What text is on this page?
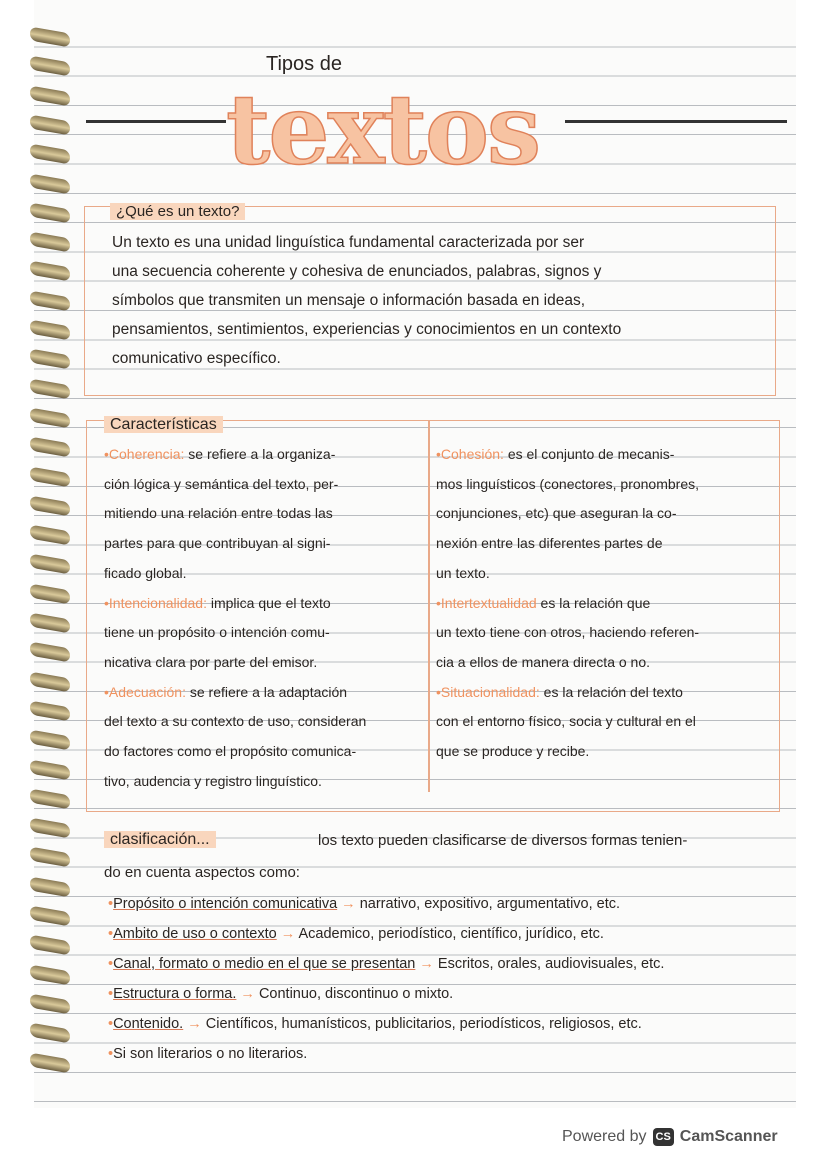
Tipos de
textos
¿Qué es un texto?
Un texto es una unidad linguística fundamental caracterizada por ser
una secuencia coherente y cohesiva de enunciados, palabras, signos y
símbolos que transmiten un mensaje o información basada en ideas,
pensamientos, sentimientos, experiencias y conocimientos en un contexto
comunicativo específico.
Características
•Coherencia: se refiere a la organiza-
ción lógica y semántica del texto, per-
mitiendo una relación entre todas las
partes para que contribuyan al signi-
ficado global.
•Intencionalidad: implica que el texto
tiene un propósito o intención comu-
nicativa clara por parte del emisor.
•Adecuación: se refiere a la adaptación
del texto a su contexto de uso, consideran
do factores como el propósito comunica-
tivo, audencia y registro linguístico.
•Cohesión: es el conjunto de mecanis-
mos linguísticos (conectores, pronombres,
conjunciones, etc) que aseguran la co-
nexión entre las diferentes partes de
un texto.
•Intertextualidad es la relación que
un texto tiene con otros, haciendo referen-
cia a ellos de manera directa o no.
•Situacionalidad: es la relación del texto
con el entorno físico, socia y cultural en el
que se produce y recibe.
clasificación...	los texto pueden clasificarse de diversos formas tenien-
do en cuenta aspectos como:
•Propósito o intención comunicativa → narrativo, expositivo, argumentativo, etc.
•Ambito de uso o contexto → Academico, periodístico, científico, jurídico, etc.
•Canal, formato o medio en el que se presentan → Escritos, orales, audiovisuales, etc.
•Estructura o forma. → Continuo, discontinuo o mixto.
•Contenido. → Científicos, humanísticos, publicitarios, periodísticos, religiosos, etc.
•Si son literarios o no literarios.
Powered by CS CamScanner
